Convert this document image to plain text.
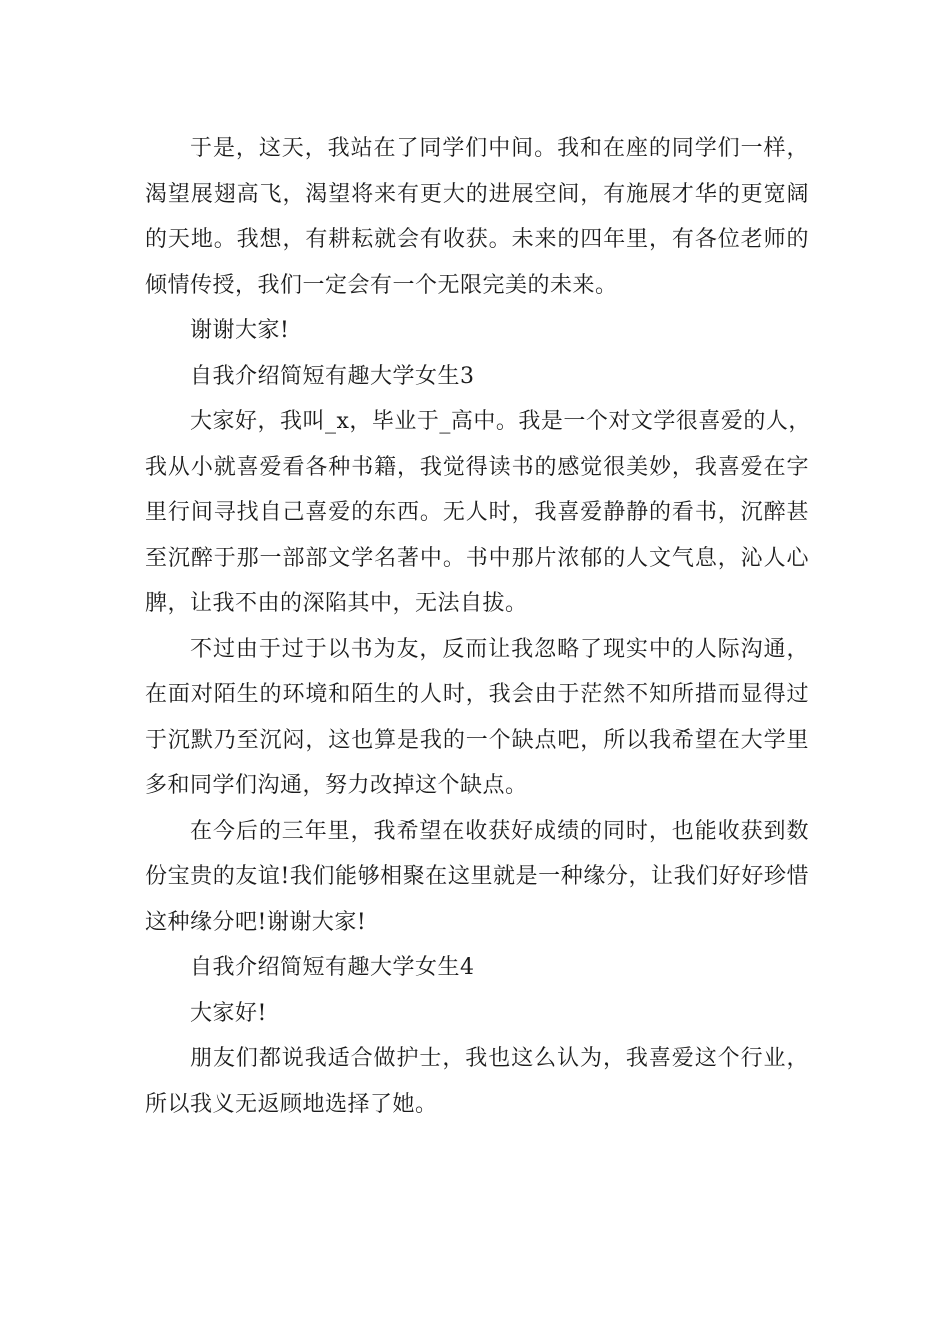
于是，这天，我站在了同学们中间。我和在座的同学们一样，
渴望展翅高飞，渴望将来有更大的进展空间，有施展才华的更宽阔
的天地。我想，有耕耘就会有收获。未来的四年里，有各位老师的
倾情传授，我们一定会有一个无限完美的未来。
谢谢大家!
自我介绍简短有趣大学女生3
大家好，我叫_x，毕业于_高中。我是一个对文学很喜爱的人，
我从小就喜爱看各种书籍，我觉得读书的感觉很美妙，我喜爱在字
里行间寻找自己喜爱的东西。无人时，我喜爱静静的看书，沉醉甚
至沉醉于那一部部文学名著中。书中那片浓郁的人文气息，沁人心
脾，让我不由的深陷其中，无法自拔。
不过由于过于以书为友，反而让我忽略了现实中的人际沟通，
在面对陌生的环境和陌生的人时，我会由于茫然不知所措而显得过
于沉默乃至沉闷，这也算是我的一个缺点吧，所以我希望在大学里
多和同学们沟通，努力改掉这个缺点。
在今后的三年里，我希望在收获好成绩的同时，也能收获到数
份宝贵的友谊!我们能够相聚在这里就是一种缘分，让我们好好珍惜
这种缘分吧!谢谢大家!
自我介绍简短有趣大学女生4
大家好!
朋友们都说我适合做护士，我也这么认为，我喜爱这个行业，
所以我义无返顾地选择了她。
